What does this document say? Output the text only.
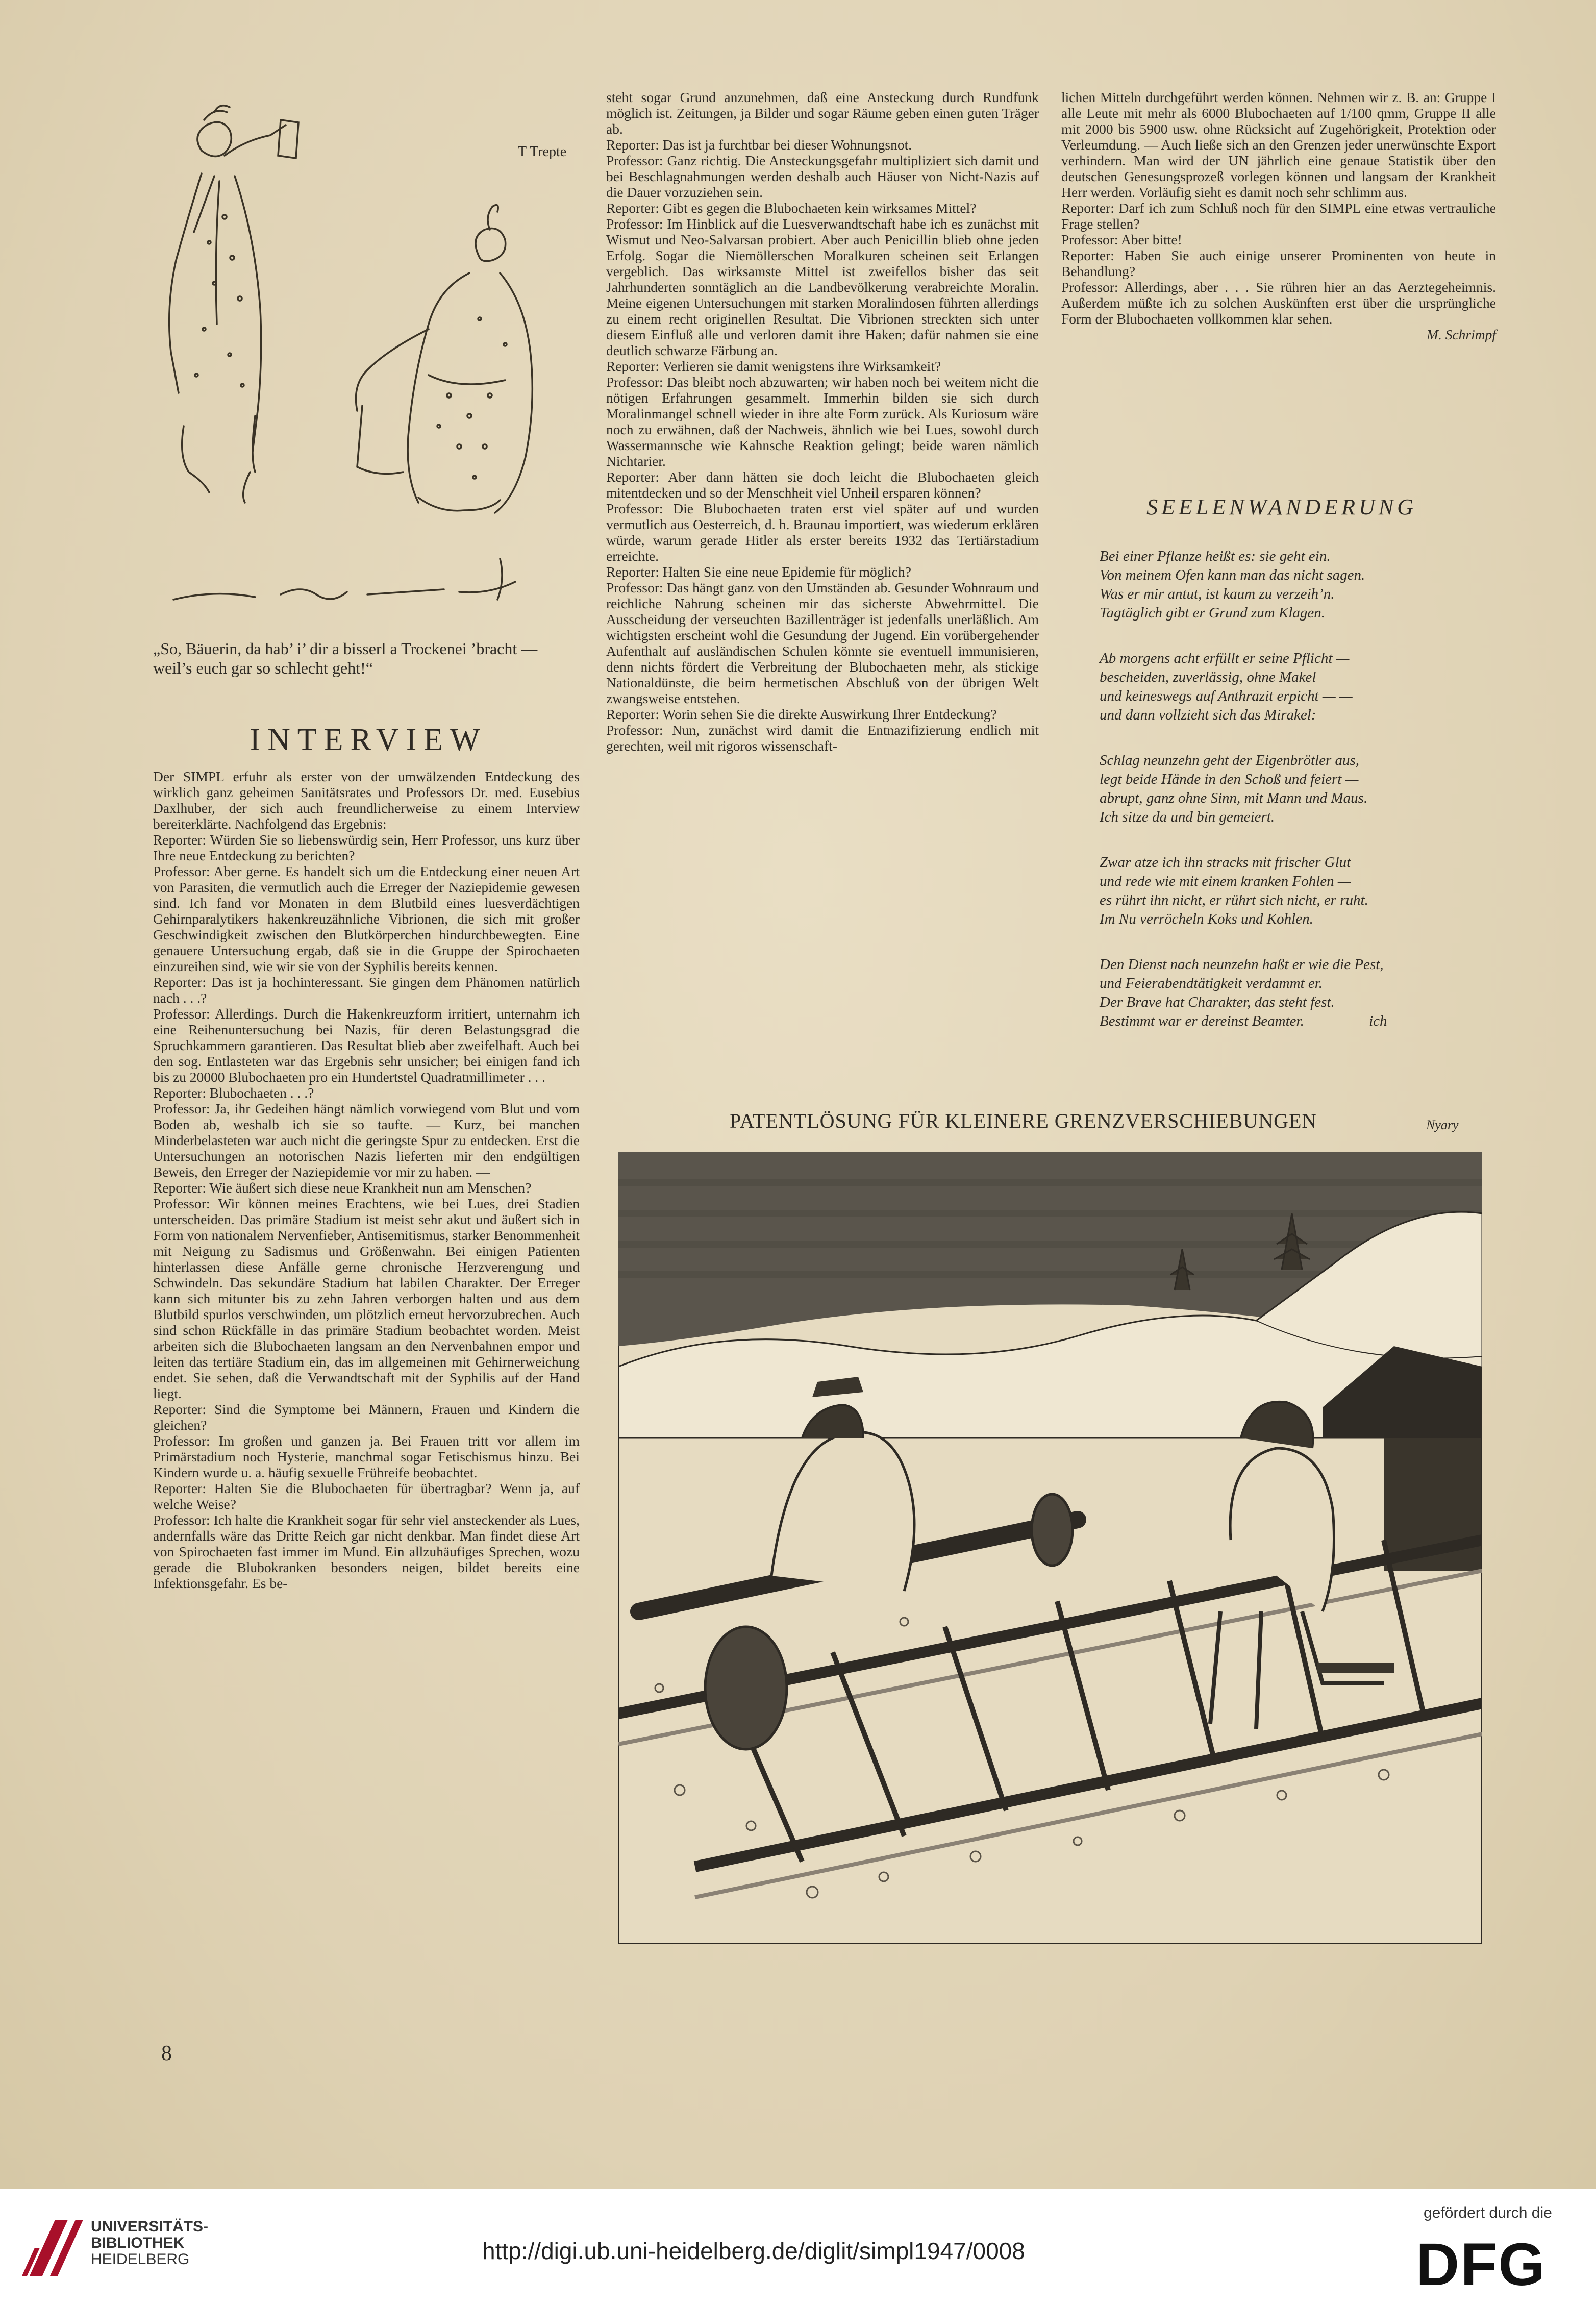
T Trepte
„So, Bäuerin, da hab’ i’ dir a bisserl a Trockenei ’bracht — weil’s euch gar so schlecht geht!“
INTERVIEW

Der SIMPL erfuhr als erster von der umwälzenden Entdeckung des wirklich ganz geheimen Sanitätsrates und Professors Dr. med. Eusebius Daxlhuber, der sich auch freundlicherweise zu einem Interview bereiterklärte. Nachfolgend das Ergebnis:

Reporter: Würden Sie so liebenswürdig sein, Herr Professor, uns kurz über Ihre neue Entdeckung zu berichten?

Professor: Aber gerne. Es handelt sich um die Entdeckung einer neuen Art von Parasiten, die vermutlich auch die Erreger der Naziepidemie gewesen sind. Ich fand vor Monaten in dem Blutbild eines luesverdächtigen Gehirnparalytikers hakenkreuzähnliche Vibrionen, die sich mit großer Geschwindigkeit zwischen den Blutkörperchen hindurchbewegten. Eine genauere Untersuchung ergab, daß sie in die Gruppe der Spirochaeten einzureihen sind, wie wir sie von der Syphilis bereits kennen.

Reporter: Das ist ja hochinteressant. Sie gingen dem Phänomen natürlich nach . . .?

Professor: Allerdings. Durch die Hakenkreuzform irritiert, unternahm ich eine Reihenuntersuchung bei Nazis, für deren Belastungsgrad die Spruchkammern garantieren. Das Resultat blieb aber zweifelhaft. Auch bei den sog. Entlasteten war das Ergebnis sehr unsicher; bei einigen fand ich bis zu 20000 Blubochaeten pro ein Hundertstel Quadratmillimeter . . .

Reporter: Blubochaeten . . .?

Professor: Ja, ihr Gedeihen hängt nämlich vorwiegend vom Blut und vom Boden ab, weshalb ich sie so taufte. — Kurz, bei manchen Minderbelasteten war auch nicht die geringste Spur zu entdecken. Erst die Untersuchungen an notorischen Nazis lieferten mir den endgültigen Beweis, den Erreger der Naziepidemie vor mir zu haben. —

Reporter: Wie äußert sich diese neue Krankheit nun am Menschen?

Professor: Wir können meines Erachtens, wie bei Lues, drei Stadien unterscheiden. Das primäre Stadium ist meist sehr akut und äußert sich in Form von nationalem Nervenfieber, Antisemitismus, starker Benommenheit mit Neigung zu Sadismus und Größenwahn. Bei einigen Patienten hinterlassen diese Anfälle gerne chronische Herzverengung und Schwindeln. Das sekundäre Stadium hat labilen Charakter. Der Erreger kann sich mitunter bis zu zehn Jahren verborgen halten und aus dem Blutbild spurlos verschwinden, um plötzlich erneut hervorzubrechen. Auch sind schon Rückfälle in das primäre Stadium beobachtet worden. Meist arbeiten sich die Blubochaeten langsam an den Nervenbahnen empor und leiten das tertiäre Stadium ein, das im allgemeinen mit Gehirnerweichung endet. Sie sehen, daß die Verwandtschaft mit der Syphilis auf der Hand liegt.

Reporter: Sind die Symptome bei Männern, Frauen und Kindern die gleichen?

Professor: Im großen und ganzen ja. Bei Frauen tritt vor allem im Primärstadium noch Hysterie, manchmal sogar Fetischismus hinzu. Bei Kindern wurde u. a. häufig sexuelle Frühreife beobachtet.

Reporter: Halten Sie die Blubochaeten für übertragbar? Wenn ja, auf welche Weise?

Professor: Ich halte die Krankheit sogar für sehr viel ansteckender als Lues, andernfalls wäre das Dritte Reich gar nicht denkbar. Man findet diese Art von Spirochaeten fast immer im Mund. Ein allzuhäufiges Sprechen, wozu gerade die Blubokranken besonders neigen, bildet bereits eine Infektionsgefahr. Es be-

steht sogar Grund anzunehmen, daß eine Ansteckung durch Rundfunk möglich ist. Zeitungen, ja Bilder und sogar Räume geben einen guten Träger ab.

Reporter: Das ist ja furchtbar bei dieser Wohnungsnot.

Professor: Ganz richtig. Die Ansteckungsgefahr multipliziert sich damit und bei Beschlagnahmungen werden deshalb auch Häuser von Nicht-Nazis auf die Dauer vorzuziehen sein.

Reporter: Gibt es gegen die Blubochaeten kein wirksames Mittel?

Professor: Im Hinblick auf die Luesverwandtschaft habe ich es zunächst mit Wismut und Neo-Salvarsan probiert. Aber auch Penicillin blieb ohne jeden Erfolg. Sogar die Niemöllerschen Moralkuren scheinen seit Erlangen vergeblich. Das wirksamste Mittel ist zweifellos bisher das seit Jahrhunderten sonntäglich an die Landbevölkerung verabreichte Moralin. Meine eigenen Untersuchungen mit starken Moralindosen führten allerdings zu einem recht originellen Resultat. Die Vibrionen streckten sich unter diesem Einfluß alle und verloren damit ihre Haken; dafür nahmen sie eine deutlich schwarze Färbung an.

Reporter: Verlieren sie damit wenigstens ihre Wirksamkeit?

Professor: Das bleibt noch abzuwarten; wir haben noch bei weitem nicht die nötigen Erfahrungen gesammelt. Immerhin bilden sie sich durch Moralinmangel schnell wieder in ihre alte Form zurück. Als Kuriosum wäre noch zu erwähnen, daß der Nachweis, ähnlich wie bei Lues, sowohl durch Wassermannsche wie Kahnsche Reaktion gelingt; beide waren nämlich Nichtarier.

Reporter: Aber dann hätten sie doch leicht die Blubochaeten gleich mitentdecken und so der Menschheit viel Unheil ersparen können?

Professor: Die Blubochaeten traten erst viel später auf und wurden vermutlich aus Oesterreich, d. h. Braunau importiert, was wiederum erklären würde, warum gerade Hitler als erster bereits 1932 das Tertiärstadium erreichte.

Reporter: Halten Sie eine neue Epidemie für möglich?

Professor: Das hängt ganz von den Umständen ab. Gesunder Wohnraum und reichliche Nahrung scheinen mir das sicherste Abwehrmittel. Die Ausscheidung der verseuchten Bazillenträger ist jedenfalls unerläßlich. Am wichtigsten erscheint wohl die Gesundung der Jugend. Ein vorübergehender Aufenthalt auf ausländischen Schulen könnte sie eventuell immunisieren, denn nichts fördert die Verbreitung der Blubochaeten mehr, als stickige Nationaldünste, die beim hermetischen Abschluß von der übrigen Welt zwangsweise entstehen.

Reporter: Worin sehen Sie die direkte Auswirkung Ihrer Entdeckung?

Professor: Nun, zunächst wird damit die Entnazifizierung endlich mit gerechten, weil mit rigoros wissenschaft-

lichen Mitteln durchgeführt werden können. Nehmen wir z. B. an: Gruppe I alle Leute mit mehr als 6000 Blubochaeten auf 1/100 qmm, Gruppe II alle mit 2000 bis 5900 usw. ohne Rücksicht auf Zugehörigkeit, Protektion oder Verleumdung. — Auch ließe sich an den Grenzen jeder unerwünschte Export verhindern. Man wird der UN jährlich eine genaue Statistik über den deutschen Genesungsprozeß vorlegen können und langsam der Krankheit Herr werden. Vorläufig sieht es damit noch sehr schlimm aus.

Reporter: Darf ich zum Schluß noch für den SIMPL eine etwas vertrauliche Frage stellen?

Professor: Aber bitte!

Reporter: Haben Sie auch einige unserer Prominenten von heute in Behandlung?

Professor: Allerdings, aber . . . Sie rühren hier an das Aerztegeheimnis. Außerdem müßte ich zu solchen Auskünften erst über die ursprüngliche Form der Blubochaeten vollkommen klar sehen.

M. Schrimpf

SEELENWANDERUNG
Bei einer Pflanze heißt es: sie geht ein.
Von meinem Ofen kann man das nicht sagen.
Was er mir antut, ist kaum zu verzeih’n.
Tagtäglich gibt er Grund zum Klagen.
Ab morgens acht erfüllt er seine Pflicht —
bescheiden, zuverlässig, ohne Makel
und keineswegs auf Anthrazit erpicht — —
und dann vollzieht sich das Mirakel:
Schlag neunzehn geht der Eigenbrötler aus,
legt beide Hände in den Schoß und feiert —
abrupt, ganz ohne Sinn, mit Mann und Maus.
Ich sitze da und bin gemeiert.
Zwar atze ich ihn stracks mit frischer Glut
und rede wie mit einem kranken Fohlen —
es rührt ihn nicht, er rührt sich nicht, er ruht.
Im Nu verröcheln Koks und Kohlen.
Den Dienst nach neunzehn haßt er wie die Pest,
und Feierabendtätigkeit verdammt er.
Der Brave hat Charakter, das steht fest.
Bestimmt war er dereinst Beamter.	ich
PATENTLÖSUNG FÜR KLEINERE GRENZVERSCHIEBUNGEN	Nyary
8
UNIVERSITÄTS-
BIBLIOTHEK
HEIDELBERG	http://digi.ub.uni-heidelberg.de/diglit/simpl1947/0008
gefördert durch die
DFG
